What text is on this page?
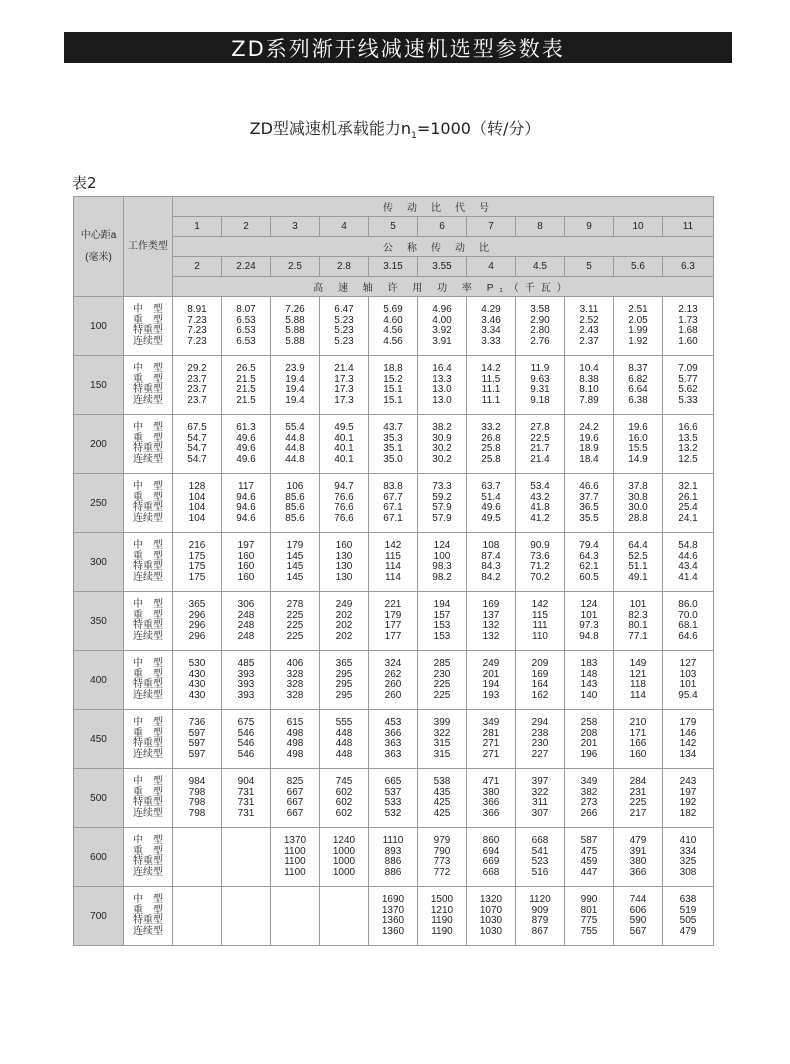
ZD系列渐开线减速机选型参数表
ZD型减速机承载能力$n_1=1000$（转/分）
表2
中心距a
(毫米)	工作类型	传动比代号										
		1	2	3	4	5	6	7	8	9	10	11
		公称传动比										
		2	2.24	2.5	2.8	3.15	3.55	4	4.5	5	5.6	6.3
		高 速 轴 许 用 功 率 P₁（千瓦）										
100	中　型
重　型
特重型
连续型	8.91
7.23
7.23
7.23	8.07
6.53
6.53
6.53	7.26
5.88
5.88
5.88	6.47
5.23
5.23
5.23	5.69
4.60
4.56
4.56	4.96
4.00
3.92
3.91	4.29
3.46
3.34
3.33	3.58
2.90
2.80
2.76	3.11
2.52
2.43
2.37	2.51
2.05
1.99
1.92	2.13
1.73
1.68
1.60

150	中　型
重　型
特重型
连续型	29.2
23.7
23.7
23.7	26.5
21.5
21.5
21.5	23.9
19.4
19.4
19.4	21.4
17.3
17.3
17.3	18.8
15.2
15.1
15.1	16.4
13.3
13.0
13.0	14.2
11.5
11.1
11.1	11.9
9.63
9.31
9.18	10.4
8.38
8.10
7.89	8.37
6.82
6.64
6.38	7.09
5.77
5.62
5.33

200	中　型
重　型
特重型
连续型	67.5
54.7
54.7
54.7	61.3
49.6
49.6
49.6	55.4
44.8
44.8
44.8	49.5
40.1
40.1
40.1	43.7
35.3
35.1
35.0	38.2
30.9
30.2
30.2	33.2
26.8
25.8
25.8	27.8
22.5
21.7
21.4	24.2
19.6
18.9
18.4	19.6
16.0
15.5
14.9	16.6
13.5
13.2
12.5

250	中　型
重　型
特重型
连续型	128
104
104
104	117
94.6
94.6
94.6	106
85.6
85.6
85.6	94.7
76.6
76.6
76.6	83.8
67.7
67.1
67.1	73.3
59.2
57.9
57.9	63.7
51.4
49.6
49.5	53.4
43.2
41.8
41.2	46.6
37.7
36.5
35.5	37.8
30.8
30.0
28.8	32.1
26.1
25.4
24.1

300	中　型
重　型
特重型
连续型	216
175
175
175	197
160
160
160	179
145
145
145	160
130
130
130	142
115
114
114	124
100
98.3
98.2	108
87.4
84.3
84.2	90.9
73.6
71.2
70.2	79.4
64.3
62.1
60.5	64.4
52.5
51.1
49.1	54.8
44.6
43.4
41.4

350	中　型
重　型
特重型
连续型	365
296
296
296	306
248
248
248	278
225
225
225	249
202
202
202	221
179
177
177	194
157
153
153	169
137
132
132	142
115
111
110	124
101
97.3
94.8	101
82.3
80.1
77.1	86.0
70.0
68.1
64.6

400	中　型
重　型
特重型
连续型	530
430
430
430	485
393
393
393	406
328
328
328	365
295
295
295	324
262
260
260	285
230
225
225	249
201
194
193	209
169
164
162	183
148
143
140	149
121
118
114	127
103
101
95.4

450	中　型
重　型
特重型
连续型	736
597
597
597	675
546
546
546	615
498
498
498	555
448
448
448	453
366
363
363	399
322
315
315	349
281
271
271	294
238
230
227	258
208
201
196	210
171
166
160	179
146
142
134

500	中　型
重　型
特重型
连续型	984
798
798
798	904
731
731
731	825
667
667
667	745
602
602
602	665
537
533
532	538
435
425
425	471
380
366
366	397
322
311
307	349
382
273
266	284
231
225
217	243
197
192
182

600	中　型
重　型
特重型
连续型			1370
1100
1100
1100	1240
1000
1000
1000	1110
893
886
886	979
790
773
772	860
694
669
668	668
541
523
516	587
475
459
447	479
391
380
366	410
334
325
308

700	中　型
重　型
特重型
连续型					1690
1370
1360
1360	1500
1210
1190
1190	1320
1070
1030
1030	1120
909
879
867	990
801
775
755	744
606
590
567	638
519
505
479
